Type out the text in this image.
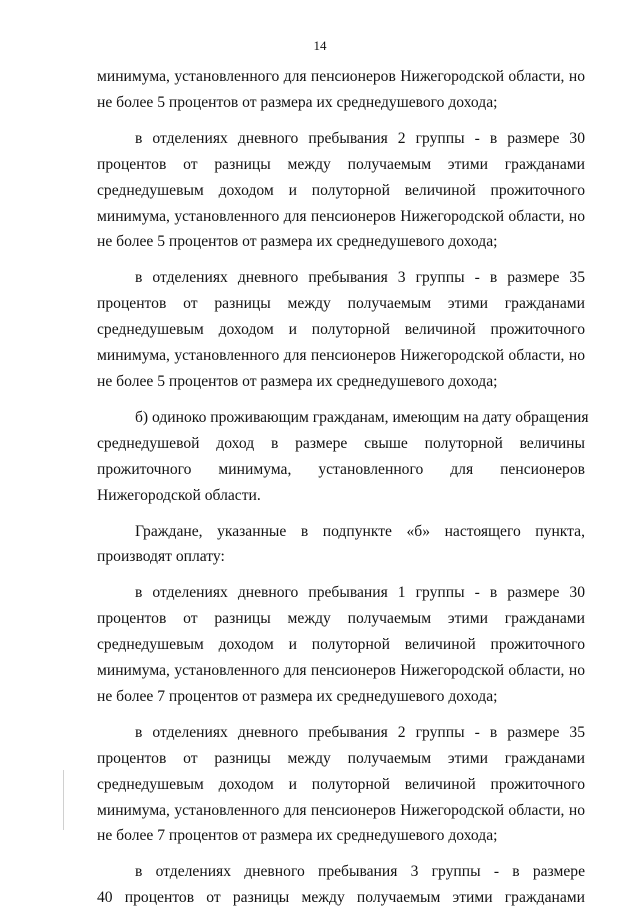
14

минимума, установленного для пенсионеров Нижегородской области, но
не более 5 процентов от размера их среднедушевого дохода;

в отделениях дневного пребывания 2 группы - в размере 30
процентов от разницы между получаемым этими гражданами
среднедушевым доходом и полуторной величиной прожиточного
минимума, установленного для пенсионеров Нижегородской области, но
не более 5 процентов от размера их среднедушевого дохода;

в отделениях дневного пребывания 3 группы - в размере 35
процентов от разницы между получаемым этими гражданами
среднедушевым доходом и полуторной величиной прожиточного
минимума, установленного для пенсионеров Нижегородской области, но
не более 5 процентов от размера их среднедушевого дохода;

б) одиноко проживающим гражданам, имеющим на дату обращения
среднедушевой доход в размере свыше полуторной величины
прожиточного минимума, установленного для пенсионеров
Нижегородской области.

Граждане, указанные в подпункте «б» настоящего пункта,
производят оплату:

в отделениях дневного пребывания 1 группы - в размере 30
процентов от разницы между получаемым этими гражданами
среднедушевым доходом и полуторной величиной прожиточного
минимума, установленного для пенсионеров Нижегородской области, но
не более 7 процентов от размера их среднедушевого дохода;

в отделениях дневного пребывания 2 группы - в размере 35
процентов от разницы между получаемым этими гражданами
среднедушевым доходом и полуторной величиной прожиточного
минимума, установленного для пенсионеров Нижегородской области, но
не более 7 процентов от размера их среднедушевого дохода;

в отделениях дневного пребывания 3 группы - в размере
40 процентов от разницы между получаемым этими гражданами
